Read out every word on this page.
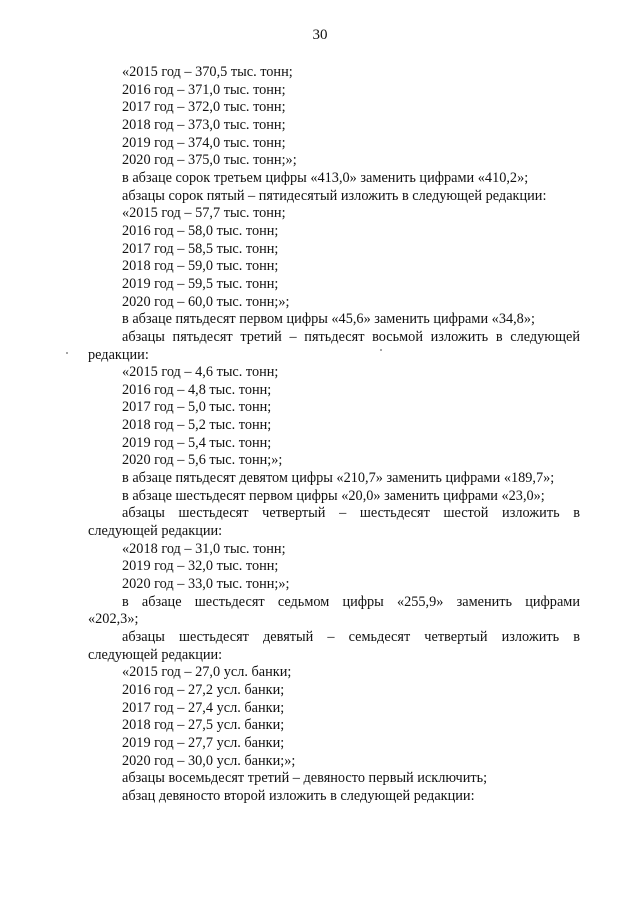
30
«2015 год – 370,5 тыс. тонн;
2016 год – 371,0 тыс. тонн;
2017 год – 372,0 тыс. тонн;
2018 год – 373,0 тыс. тонн;
2019 год – 374,0 тыс. тонн;
2020 год – 375,0 тыс. тонн;»;
в абзаце сорок третьем цифры «413,0» заменить цифрами «410,2»;
абзацы сорок пятый – пятидесятый изложить в следующей редакции:
«2015 год – 57,7 тыс. тонн;
2016 год – 58,0 тыс. тонн;
2017 год – 58,5 тыс. тонн;
2018 год – 59,0 тыс. тонн;
2019 год – 59,5 тыс. тонн;
2020 год – 60,0 тыс. тонн;»;
в абзаце пятьдесят первом цифры «45,6» заменить цифрами «34,8»;
абзацы пятьдесят третий – пятьдесят восьмой изложить в следующей
редакции:
«2015 год – 4,6 тыс. тонн;
2016 год – 4,8 тыс. тонн;
2017 год – 5,0 тыс. тонн;
2018 год – 5,2 тыс. тонн;
2019 год – 5,4 тыс. тонн;
2020 год – 5,6 тыс. тонн;»;
в абзаце пятьдесят девятом цифры «210,7» заменить цифрами «189,7»;
в абзаце шестьдесят первом цифры «20,0» заменить цифрами «23,0»;
абзацы шестьдесят четвертый – шестьдесят шестой изложить в
следующей редакции:
«2018 год – 31,0 тыс. тонн;
2019 год – 32,0 тыс. тонн;
2020 год – 33,0 тыс. тонн;»;
в абзаце шестьдесят седьмом цифры «255,9» заменить цифрами
«202,3»;
абзацы шестьдесят девятый – семьдесят четвертый изложить в
следующей редакции:
«2015 год – 27,0 усл. банки;
2016 год – 27,2 усл. банки;
2017 год – 27,4 усл. банки;
2018 год – 27,5 усл. банки;
2019 год – 27,7 усл. банки;
2020 год – 30,0 усл. банки;»;
абзацы восемьдесят третий – девяносто первый исключить;
абзац девяносто второй изложить в следующей редакции:
